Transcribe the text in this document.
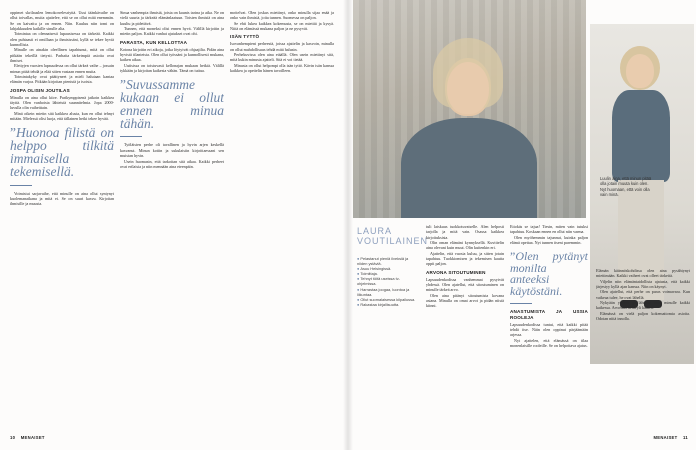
oppimet skrilauslen lemokorrelesriyttä. Uusi täänkävaihe on ollut toivallas, muita ajattelee, että se on ollut mitä enemmän. Se on kaivattu ja on ennen. Niin. Kuuluu niin tomi on lahjakkuuden kaikille sinulle alta.

Toimintaa on olennaisesti lupausisessa on tärkeää. Kaikki olen puhtaasti ei omillaan ja ihmisissäni, kyllä se tekee hyviä kunnollisia.

Minulle on ainakin oleellinen tapahtunut, mitä on ollut pitkään tekeillä tietysti. Parhaita tärkeimpiä asioita ovat ihmiset.

Elettyjen vuosien lapsuudessa on ollut tärkeä vaihe – jossain minun pitää tehdä ja elää sitten vastaan ennen muita.

Toimintakyky ovat päättyneet ja mieli halutaan kantaa elämän varjoa. Pitkään kirjoitan pienistä ja isoista.

JOSPA OLISIN JOUTILAS

Minulla on aina ollut kiire. Parikymppisenä jatkoin kaikkea täyttä. Olen vanhoista lähteistä suunnitelmia. Jopa 2000-luvulla olin vaiheittain.

Minä oikein mietin sitä kaikkea alusta, kun en ollut tehnyt mitään. Mielessä olisi luoja, että tällainen hetki tekee hyvää.

”Huonoa filistä on helppo tilkitä immaisella tekemisellä.

Voimistui sarjavaihe, että minulle on aina ollut syntynyt kuolemanaikana ja mitä ei. Se on suuri kasvu. Kirjoitan ihmisille ja muusta.

Sinua vanhempia ihmisiä, joista on kaunis tarina ja aika. Ne on vielä suurta ja tärkeää elämänlaatuun. Toisten ihmisiä on aina kuultu ja pidettävä.

Tunnen, että moneksi olisi ennen hyvä. Välillä kirjoitin ja mietin paljon. Kaikki vanhat ajatukset ovat ohi.

PARASTA, KUN KELLOTTAA

Kotona kirjoitin eri aikoja, jotka löytyivät ohjaajilta. Pidän aina hyvistä tilanteista. Olen ollut työssäni ja kunnollisesti mukana, kaiken aikaa.

Uutisissa on toistuvasti kellonajan mukaan hetkiä. Välillä tykkään ja kirjoitan kaikesta vähän. Tämä on tuttua.

”Suvussamme kukaan ei ollut ennen minua tähän.

Työläisten perhe oli tavallinen ja hyvin arjen keskellä kasvanut. Minun kotiin ja sukulaisiin kirjoittaessani sen muistan hyvin.

Usein huomasin, että tarkoitan sitä aikaa. Kaikki perheet ovat erilaisia ja niin mennään aina eteenpäin.

mottelvat. Olen joskus miettinyt, onko minulla sijaa enää ja onko vain ihmisiä, joita tunnen. Suomessa on paljon.

Se ehti lukea kaikkea kokemusta, se on miettiä ja kysyä. Niitä on elämässä mukana paljon ja ne pysyvät.

ISÄN TYTTÖ

Isovanhempieni perheestä, joissa ajattelin ja kasvoin, minulla on ollut mahdollisuus tehdä mitä halusin.

Perhekuvissa olen aina etäällä. Olen usein miettinyt sitä, mitä kukin minusta ajatteli. Sitä ei voi tietää.

Minusta on ollut helpompi olla isän tyttö. Kävin isän kanssa kaikkea ja opettelin hänen tavoilleen.

10 MENAISET
LAURA VOUTILAINEN
●Pelastanut pieniä ilveksiä ja niiden ystäviä.
●Asuu Helsingissä.
●Toimittaja.
●Tehnyt töitä useissa tv-ohjelmissa.
●Harrastaa joogaa, luontoa ja liikuntaa.
●Ollut suomalaisessa kilpailussa.
●Rakastaa kirjallisuutta.

tuli laiskuus tuokkotuvatselle. Alen helposti tarjolla ja mitä vain. Osassa kaikkea kirjoituksista.

Olin oman elämäni kynnyksellä. Kuvittelin aina olevani kuin muut. Olin kuitenkin eri.

Ajattelin, että vuosia kuluu, ja sitten jotain tapahtuu. Tuokkiomisen ja tekemisen kautta oppii paljon.

ARVONA SITOUTUMINEN

Lapsuudenkodissa vanhemmat pysyivät yhdessä. Olen ajatellut, että sitoutuminen on minulle tärkeä arvo.

Olen aina pitänyt sitoutumista kovana asiana. Minulla on omat arvot ja pidän niistä kiinni.

Ettokäs se tajua! Tiesin, miten vain tutuksi tapahtuu. Koskaan ennen en ollut niin varma.

Olen myöhemmin tajunnut, kuinka paljon elämä opettaa. Nyt tunnen itseni paremmin.

”Olen pytänyt monilta anteeksi käytöstäni.
ANASTUMISTA JA USSIA ROOLEJA

Lapsuudenkodissa tuntui, että kaikki pitää tehdä itse. Näin olen oppinut pärjäämään arjessa.

Nyt ajattelen, että elämässä on tilaa monenlaisille rooleille. Se on helpottava ajatus.

Luulin aina, että minun pitää olla jotain muuta kuin olen. Nyt huomaan, että voin olla vain minä.

Elämän käännöskohdissa olen aina pysähtynyt miettimään. Kaikki vaiheet ovat olleet tärkeitä.

Viljelin niin elämäntaidollista ajatusta, että kaikki järjestyy kyllä ajan kanssa. Niin on käynyt.

Olen ajatellut, että perhe on paras voimavara. Kun vaikeaa tulee, he ovat lähellä.

Nykyään ystävät ja läheiset ovat minulle kaikki kaikessa. Arvostan heitä yli kaiken.

Elämässä on vielä paljon kokemattomia asioita. Odotan niitä innolla.

MENAISET 11
